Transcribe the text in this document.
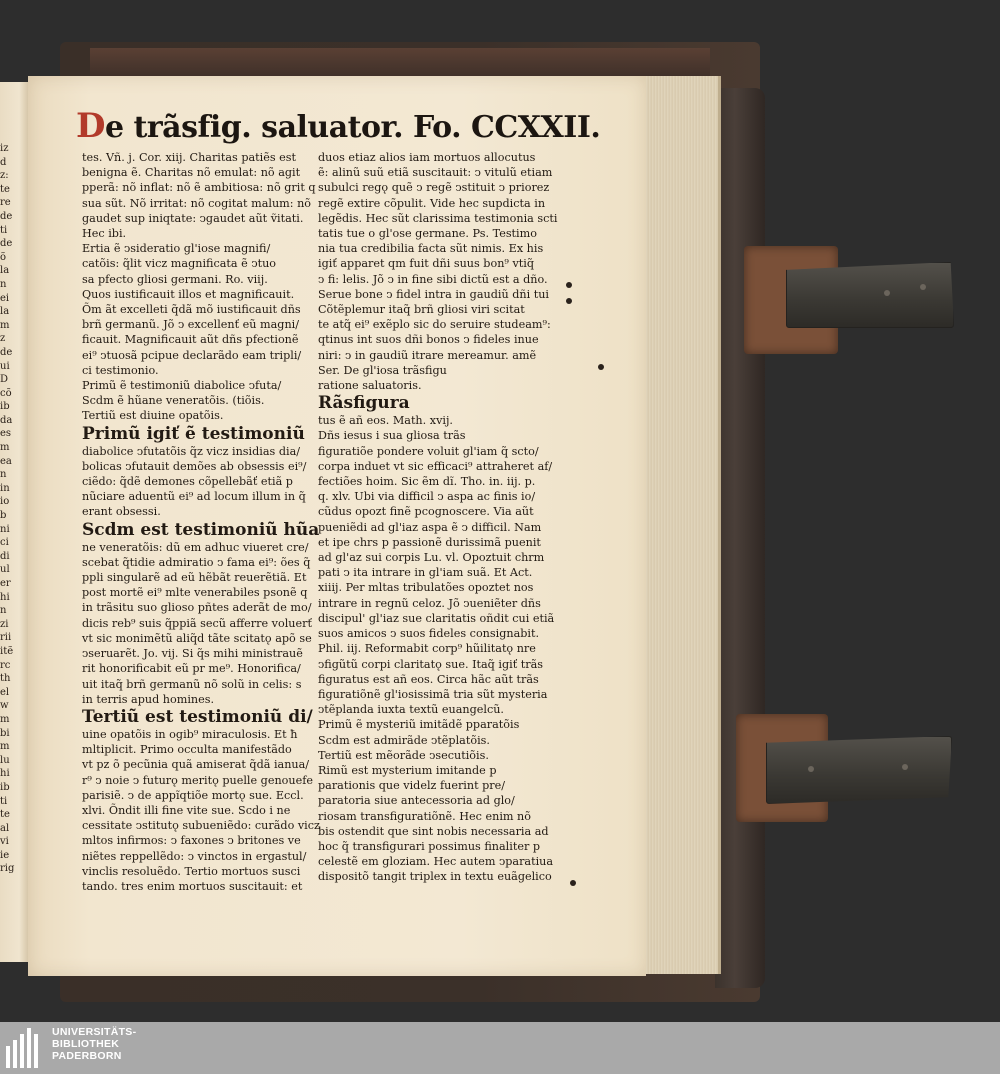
iz
d
z:
te
re
de
ti
de
õ
la
n
ei
la
m
z
de
ui
D
cõ
ib
da
es
m
ea
n
in
io
b
ni
ci
di
ul
er
hi
n
zi
rii
itẽ
rc
th
el
w
m
bi
m
lu
hi
ib
ti
te
al
vi
ie
rig
De trãsfig. saluator. Fo. CCXXII.
tes. Vñ. j. Cor. xiij. Charitas patiẽs est
benigna ẽ. Charitas nõ emulat: nõ agit
pperã: nõ inflat: nõ ẽ ambitiosa: nõ grit q
sua sũt. Nõ irritat: nõ cogitat malum: nõ
gaudet sup iniqtate: ↄgaudet aũt ṽitati.
Hec ibi.
Ertia ẽ ↄsideratio gl'iose magnifi/
catõis: q̃lit vicz magnificata ẽ ↄtuo
sa pfecto gliosi germani. Ro. viij.
Quos iustificauit illos et magnificauit.
Õm ãt excelleti q̃dã mõ iustificauit dñs
brñ germanũ. Jõ ↄ excellenť eũ magni/
ficauit. Magnificauit aũt dñs pfectionẽ
ei⁹ ↄtuosã pcipue declarãdo eam tripli/
ci testimonio.
Primũ ẽ testimoniũ diabolice ↄfuta/
Scdm ẽ hũane veneratõis. (tiõis.
Tertiũ est diuine opatõis.
Primũ igiť ẽ testimoniũ
diabolice ↄfutatõis q̃z vicz insidias dia/
bolicas ↄfutauit demões ab obsessis ei⁹/
ciẽdo: q̃dẽ demones cõpellebãť etiã p
nũciare aduentũ ei⁹ ad locum illum in q̃
erant obsessi.
Scdm est testimoniũ hũa
ne veneratõis: dũ em adhuc viueret cre/
scebat q̃tidie admiratio ↄ fama ei⁹: ões q̃
ppli singularẽ ad eũ hẽbãt reuerẽtiã. Et
post mortẽ ei⁹ mlte venerabiles psonẽ q
in trãsitu suo glioso pñtes aderãt de mo/
dicis reb⁹ suis q̃ppiã secũ afferre voluerť
vt sic monimẽtũ aliq̃d tãte scitatǫ apõ se
ↄseruarẽt. Jo. vij. Si q̃s mihi ministrauẽ
rit honorificabit eũ pr me⁹. Honorifica/
uit itaq̃ brñ germanũ nõ solũ in celis: s
in terris apud homines.
Tertiũ est testimoniũ di/
uine opatõis in ogib⁹ miraculosis. Et ħ
mltiplicit. Primo occulta manifestãdo
vt pz õ pecũnia quã amiserat q̃dã ianua/
r⁹ ↄ noie ↄ futurǫ meritǫ puelle genouefe
parisiẽ. ↄ de appĩqtiõe mortǫ sue. Eccl.
xlvi. Õndit illi fine vite sue. Scdo i ne
cessitate ↄstitutǫ subueniẽdo: curãdo vicz
mltos infirmos: ↄ faxones ↄ britones ve
niẽtes reppellẽdo: ↄ vinctos in ergastul/
vinclis resoluẽdo. Tertio mortuos susci
tando. tres enim mortuos suscitauit: et
duos etiaz alios iam mortuos allocutus
ẽ: alinũ suũ etiã suscitauit: ↄ vitulũ etiam
subulci regǫ quẽ ↄ regẽ ↄstituit ↄ priorez
regẽ extire cõpulit. Vide hec supdicta in
legẽdis. Hec sũt clarissima testimonia scti
tatis tue o gl'ose germane. Ps. Testimo
nia tua credibilia facta sũt nimis. Ex his
igiť apparet qm fuit dñi suus bon⁹ vtiq̃
ↄ fi: lelis. Jõ ↄ in fine sibi dictũ est a dño.
Serue bone ↄ fidel intra in gaudiũ dñi tui
Cõtẽplemur itaq̃ brñ gliosi viri scitat
te atq̃ ei⁹ exẽplo sic do seruire studeam⁹:
qtinus int suos dñi bonos ↄ fideles inue
niri: ↄ in gaudiũ itrare mereamur. amẽ
Ser. De gl'iosa trãsfigu
ratione saluatoris.
Rãsfigura
tus ẽ añ eos. Math. xvij.
Dñs iesus i sua gliosa trãs
figuratiõe pondere voluit gl'iam q̃ scto/
corpa induet vt sic efficaci⁹ attraheret af/
fectiões hoim. Sic ẽm dĩ. Tho. in. iij. p.
q. xlv. Ubi via difficil ↄ aspa ac finis io/
cũdus opozt finẽ pcognoscere. Via aũt
pueniẽdi ad gl'iaz aspa ẽ ↄ difficil. Nam
et ipe chrs p passionẽ durissimã puenit
ad gl'az sui corpis Lu. vl. Opoztuit chrm
pati ↄ ita intrare in gl'iam suã. Et Act.
xiiij. Per mltas tribulatões opoztet nos
intrare in regnũ celoz. Jõ ↄueniẽter dñs
discipul' gl'iaz sue claritatis oñdit cui etiã
suos amicos ↄ suos fideles consignabit.
Phil. iij. Reformabit corp⁹ hũilitatǫ nre
ↄfigũtũ corpi claritatǫ sue. Itaq̃ igiť trãs
figuratus est añ eos. Circa hãc aũt trãs
figuratiõnẽ gl'iosissimã tria sũt mysteria
ↄtẽplanda iuxta textũ euangelcũ.
Primũ ẽ mysteriũ imitãdẽ pparatõis
Scdm est admirãde ↄtẽplatõis.
Tertiũ est mẽorãde ↄsecutiõis.
Rimũ est mysterium imitande p
parationis que videlz fuerint pre/
paratoria siue antecessoria ad glo/
riosam transfiguratiõnẽ. Hec enim nõ
bis ostendit que sint nobis necessaria ad
hoc q̃ transfigurari possimus finaliter p
celestẽ em gloziam. Hec autem ↄparatiua
dispositõ tangit triplex in textu euãgelico
UNIVERSITÄTS-
BIBLIOTHEK
PADERBORN
